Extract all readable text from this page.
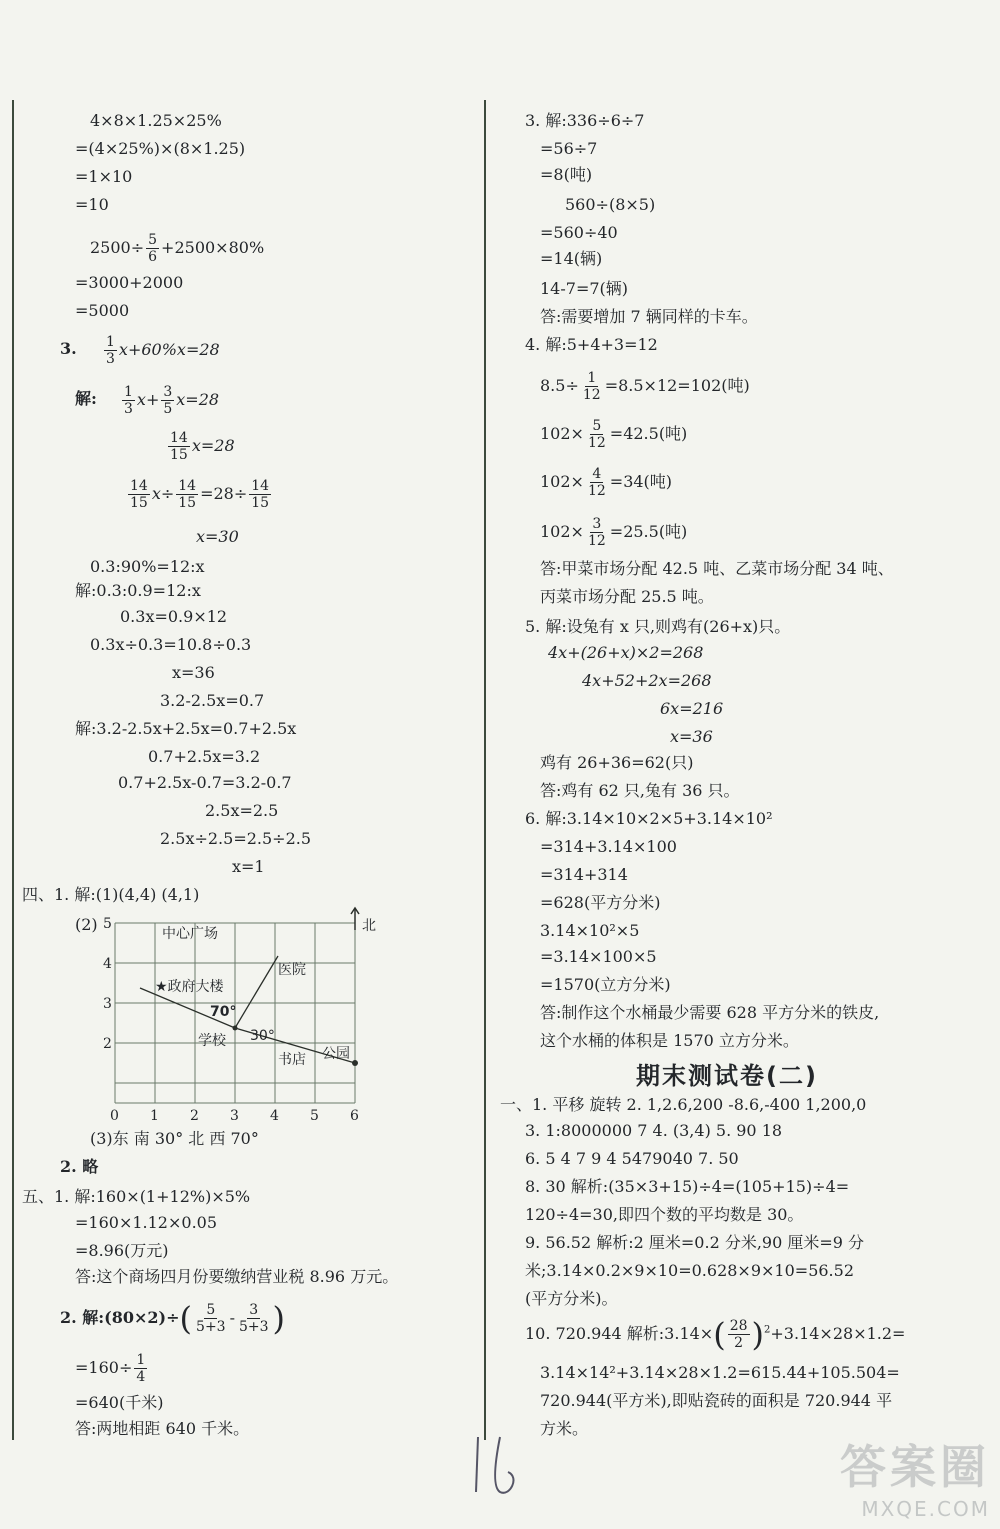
4×8×1.25×25%
=(4×25%)×(8×1.25)
=1×10
=10
$2500\div \frac{5}{6} +2500\times 80\%$
=3000+2000
=5000
3. $\frac{1}{3} x+60\%x=28$
解: $\frac{1}{3} x+ \frac{3}{5} x=28$
$\frac{14}{15} x=28$
$\frac{14}{15} x\div \frac{14}{15} =28\div \frac{14}{15}$
x=30
0.3:90%=12:x
解:0.3:0.9=12:x
0.3x=0.9×12
0.3x÷0.3=10.8÷0.3
x=36
3.2-2.5x=0.7
解:3.2-2.5x+2.5x=0.7+2.5x
0.7+2.5x=3.2
0.7+2.5x-0.7=3.2-0.7
2.5x=2.5
2.5x÷2.5=2.5÷2.5
x=1
四、1. 解:(1)(4,4) (4,1)
(2)	北
0 1 2 3 4 5 6
2
3
4
5
中心广场
★政府大楼
医院
学校
书店 公园
70°
30°
(3)东 南 30° 北 西 70°
2. 略
五、1. 解:160×(1+12%)×5%
=160×1.12×0.05
=8.96(万元)
答:这个商场四月份要缴纳营业税 8.96 万元。
2. 解:(80×2)÷( $\frac{5}{5+3} - \frac{3}{5+3}$ )
$=160\div \frac{1}{4}$
=640(千米)
答:两地相距 640 千米。
3. 解:336÷6÷7
=56÷7
=8(吨)
560÷(8×5)
=560÷40
=14(辆)
14-7=7(辆)
答:需要增加 7 辆同样的卡车。
4. 解:5+4+3=12
$8.5\div \frac{1}{12} =8.5\times 12=102$(吨)
$102\times \frac{5}{12} =42.5$(吨)
$102\times \frac{4}{12} =34$(吨)
$102\times \frac{3}{12} =25.5$(吨)
答:甲菜市场分配 42.5 吨、乙菜市场分配 34 吨、
丙菜市场分配 25.5 吨。
5. 解:设兔有 x 只,则鸡有(26+x)只。
4x+(26+x)×2=268
4x+52+2x=268
6x=216
x=36
鸡有 26+36=62(只)
答:鸡有 62 只,兔有 36 只。
6. 解:3.14×10×2×5+3.14×10²
=314+3.14×100
=314+314
=628(平方分米)
3.14×10²×5
=3.14×100×5
=1570(立方分米)
答:制作这个水桶最少需要 628 平方分米的铁皮,
这个水桶的体积是 1570 立方分米。
期末测试卷(二)
一、1. 平移 旋转 2. 1,2.6,200 -8.6,-400 1,200,0
3. 1:8000000 7 4. (3,4) 5. 90 18
6. 5 4 7 9 4 5479040 7. 50
8. 30 解析:(35×3+15)÷4=(105+15)÷4=
120÷4=30,即四个数的平均数是 30。
9. 56.52 解析:2 厘米=0.2 分米,90 厘米=9 分
米;3.14×0.2×9×10=0.628×9×10=56.52
(平方分米)。
10. 720.944 解析:3.14×( $\frac{28}{2} )^2+3.14\times 28\times 1.2=$
3.14×14²+3.14×28×1.2=615.44+105.504=
720.944(平方米),即贴瓷砖的面积是 720.944 平
方米。
答案圈
MXQE.COM
